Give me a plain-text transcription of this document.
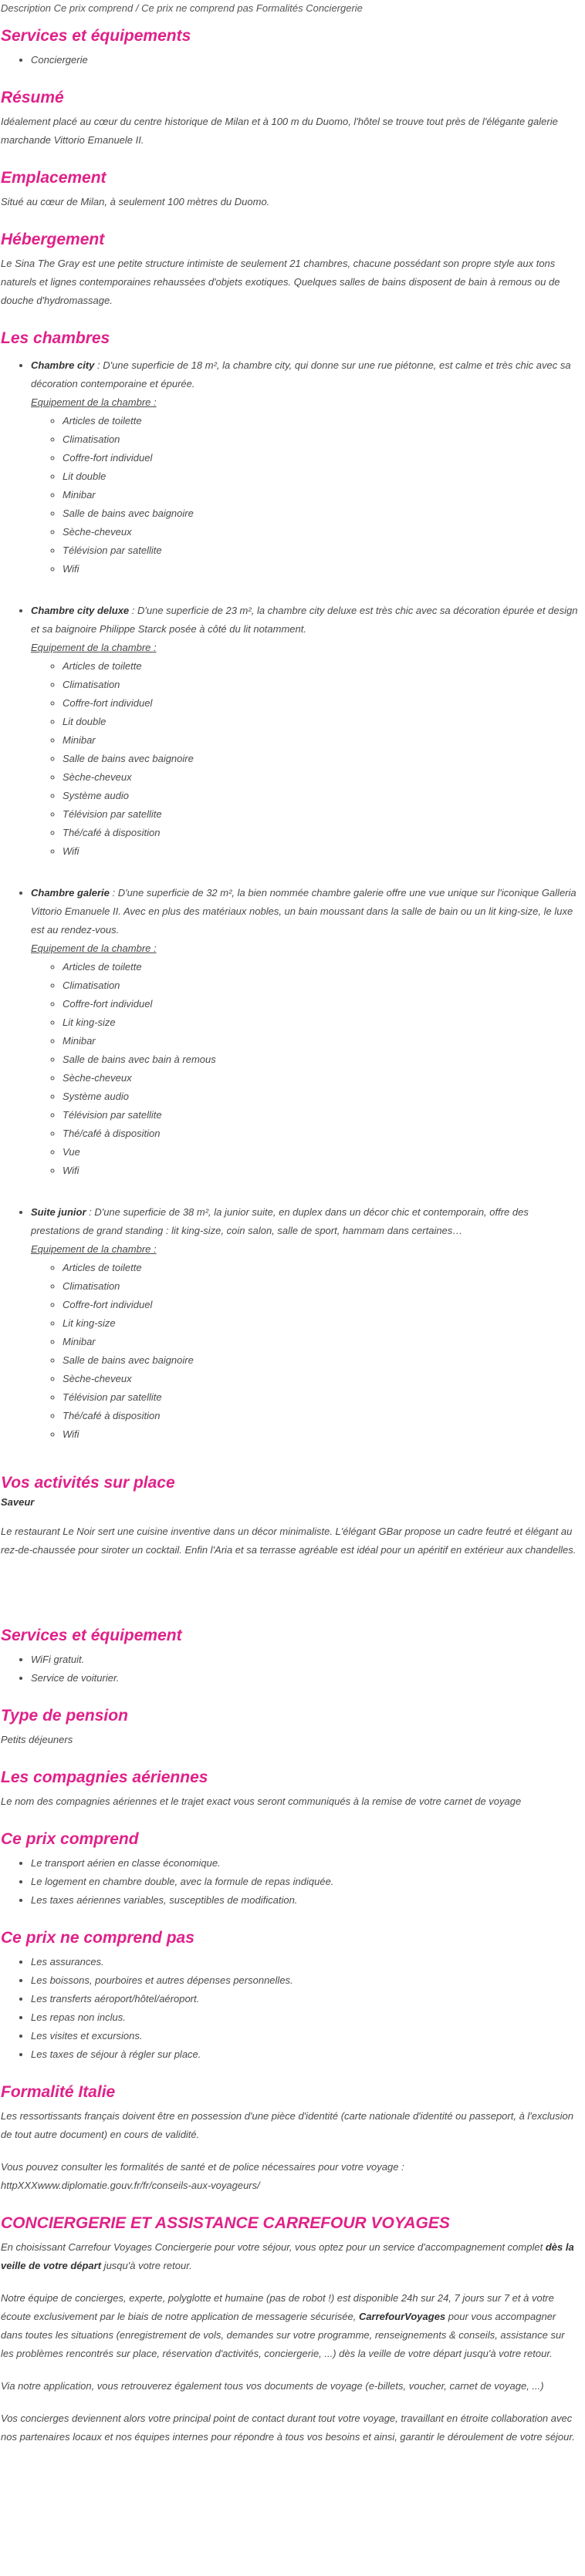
Description Ce prix comprend / Ce prix ne comprend pas Formalités Conciergerie
Services et équipements
• Conciergerie
Résumé

Idéalement placé au cœur du centre historique de Milan et à 100 m du Duomo, l'hôtel se trouve tout près de l'élégante galerie marchande Vittorio Emanuele II.

Emplacement

Situé au cœur de Milan, à seulement 100 mètres du Duomo.

Hébergement

Le Sina The Gray est une petite structure intimiste de seulement 21 chambres, chacune possédant son propre style aux tons naturels et lignes contemporaines rehaussées d'objets exotiques. Quelques salles de bains disposent de bain à remous ou de douche d'hydromassage.

Les chambres
• Chambre city : D'une superficie de 18 m², la chambre city, qui donne sur une rue piétonne, est calme et très chic avec sa décoration contemporaine et épurée.
Equipement de la chambre :
◦ Articles de toilette
◦ Climatisation
◦ Coffre-fort individuel
◦ Lit double
◦ Minibar
◦ Salle de bains avec baignoire
◦ Sèche-cheveux
◦ Télévision par satellite
◦ Wifi
• Chambre city deluxe : D'une superficie de 23 m², la chambre city deluxe est très chic avec sa décoration épurée et design et sa baignoire Philippe Starck posée à côté du lit notamment.
Equipement de la chambre :
◦ Articles de toilette
◦ Climatisation
◦ Coffre-fort individuel
◦ Lit double
◦ Minibar
◦ Salle de bains avec baignoire
◦ Sèche-cheveux
◦ Système audio
◦ Télévision par satellite
◦ Thé/café à disposition
◦ Wifi
• Chambre galerie : D'une superficie de 32 m², la bien nommée chambre galerie offre une vue unique sur l'iconique Galleria Vittorio Emanuele II. Avec en plus des matériaux nobles, un bain moussant dans la salle de bain ou un lit king-size, le luxe est au rendez-vous.
Equipement de la chambre :
◦ Articles de toilette
◦ Climatisation
◦ Coffre-fort individuel
◦ Lit king-size
◦ Minibar
◦ Salle de bains avec bain à remous
◦ Sèche-cheveux
◦ Système audio
◦ Télévision par satellite
◦ Thé/café à disposition
◦ Vue
◦ Wifi
• Suite junior : D'une superficie de 38 m², la junior suite, en duplex dans un décor chic et contemporain, offre des prestations de grand standing : lit king-size, coin salon, salle de sport, hammam dans certaines…
Equipement de la chambre :
◦ Articles de toilette
◦ Climatisation
◦ Coffre-fort individuel
◦ Lit king-size
◦ Minibar
◦ Salle de bains avec baignoire
◦ Sèche-cheveux
◦ Télévision par satellite
◦ Thé/café à disposition
◦ Wifi
Vos activités sur place
Saveur

Le restaurant Le Noir sert une cuisine inventive dans un décor minimaliste. L'élégant GBar propose un cadre feutré et élégant au rez-de-chaussée pour siroter un cocktail. Enfin l'Aria et sa terrasse agréable est idéal pour un apéritif en extérieur aux chandelles.

Services et équipement
• WiFi gratuit.
• Service de voiturier.
Type de pension

Petits déjeuners

Les compagnies aériennes

Le nom des compagnies aériennes et le trajet exact vous seront communiqués à la remise de votre carnet de voyage

Ce prix comprend
• Le transport aérien en classe économique.
• Le logement en chambre double, avec la formule de repas indiquée.
• Les taxes aériennes variables, susceptibles de modification.
Ce prix ne comprend pas
• Les assurances.
• Les boissons, pourboires et autres dépenses personnelles.
• Les transferts aéroport/hôtel/aéroport.
• Les repas non inclus.
• Les visites et excursions.
• Les taxes de séjour à régler sur place.
Formalité Italie

Les ressortissants français doivent être en possession d'une pièce d'identité (carte nationale d'identité ou passeport, à l'exclusion de tout autre document) en cours de validité.

Vous pouvez consulter les formalités de santé et de police nécessaires pour votre voyage : httpXXXwww.diplomatie.gouv.fr/fr/conseils-aux-voyageurs/

CONCIERGERIE ET ASSISTANCE CARREFOUR VOYAGES

En choisissant Carrefour Voyages Conciergerie pour votre séjour, vous optez pour un service d'accompagnement complet dès la veille de votre départ jusqu'à votre retour.

Notre équipe de concierges, experte, polyglotte et humaine (pas de robot !) est disponible 24h sur 24, 7 jours sur 7 et à votre écoute exclusivement par le biais de notre application de messagerie sécurisée, CarrefourVoyages pour vous accompagner dans toutes les situations (enregistrement de vols, demandes sur votre programme, renseignements & conseils, assistance sur les problèmes rencontrés sur place, réservation d'activités, conciergerie, ...) dès la veille de votre départ jusqu'à votre retour.

Via notre application, vous retrouverez également tous vos documents de voyage (e-billets, voucher, carnet de voyage, ...)

Vos concierges deviennent alors votre principal point de contact durant tout votre voyage, travaillant en étroite collaboration avec nos partenaires locaux et nos équipes internes pour répondre à tous vos besoins et ainsi, garantir le déroulement de votre séjour.
